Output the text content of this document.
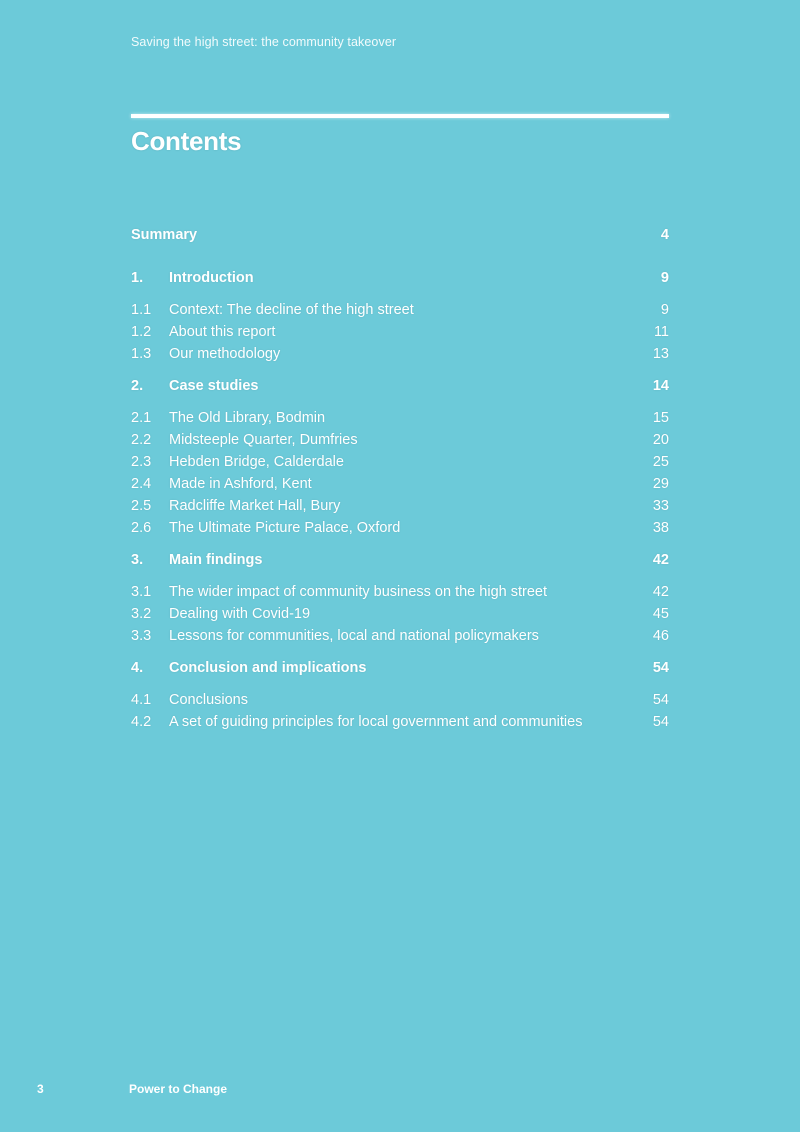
Saving the high street: the community takeover
Contents
Summary	4
1. Introduction	9
1.1 Context: The decline of the high street	9
1.2 About this report	11
1.3 Our methodology	13
2. Case studies	14
2.1 The Old Library, Bodmin	15
2.2 Midsteeple Quarter, Dumfries	20
2.3 Hebden Bridge, Calderdale	25
2.4 Made in Ashford, Kent	29
2.5 Radcliffe Market Hall, Bury	33
2.6 The Ultimate Picture Palace, Oxford	38
3. Main findings	42
3.1 The wider impact of community business on the high street	42
3.2 Dealing with Covid-19	45
3.3 Lessons for communities, local and national policymakers	46
4. Conclusion and implications	54
4.1 Conclusions	54
4.2 A set of guiding principles for local government and communities	54
3	Power to Change
